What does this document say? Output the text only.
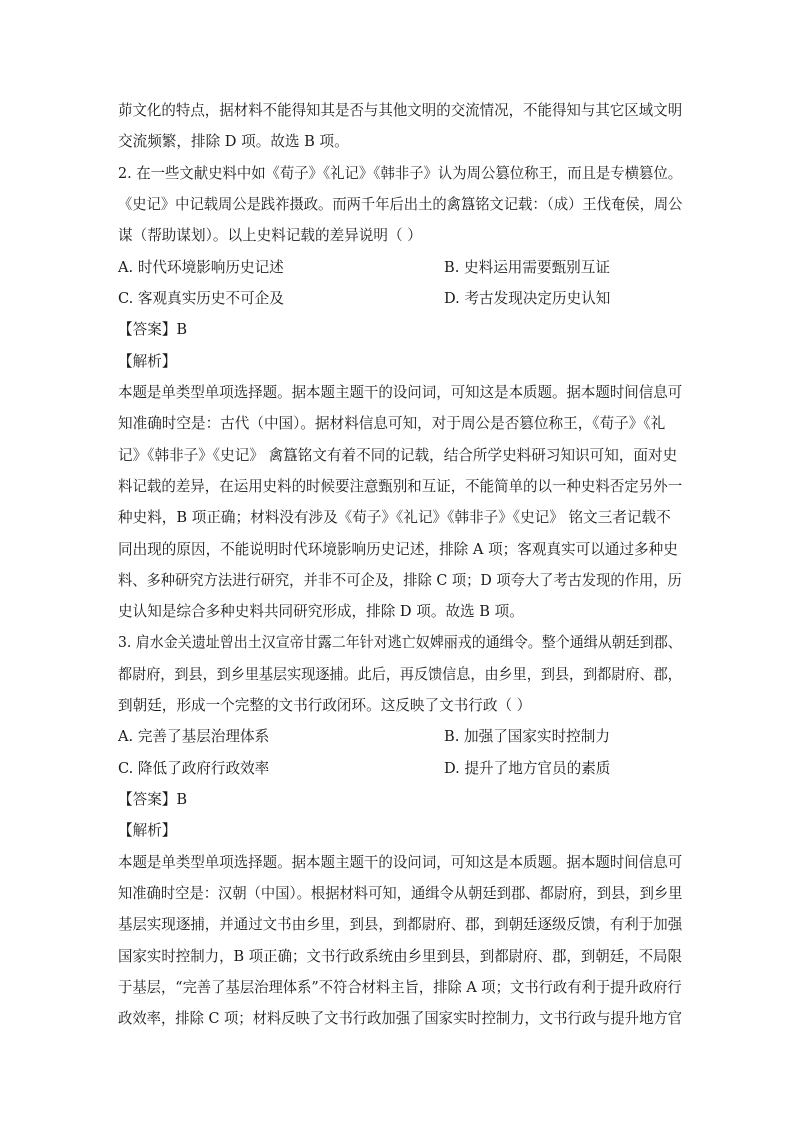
茆文化的特点，据材料不能得知其是否与其他文明的交流情况，不能得知与其它区域文明
交流频繁，排除 D 项。故选 B 项。
2. 在一些文献史料中如《荀子》《礼记》《韩非子》认为周公篡位称王，而且是专横篡位。
《史记》中记载周公是践祚摄政。而两千年后出土的禽簋铭文记载：（成）王伐奄侯，周公
谋（帮助谋划）。以上史料记载的差异说明（ ）
A. 时代环境影响历史记述	B. 史料运用需要甄别互证
C. 客观真实历史不可企及	D. 考古发现决定历史认知
【答案】B
【解析】
本题是单类型单项选择题。据本题主题干的设问词，可知这是本质题。据本题时间信息可
知准确时空是：古代（中国）。据材料信息可知，对于周公是否篡位称王，《荀子》《礼
记》《韩非子》《史记》 禽簋铭文有着不同的记载，结合所学史料研习知识可知，面对史
料记载的差异，在运用史料的时候要注意甄别和互证，不能简单的以一种史料否定另外一
种史料，B 项正确；材料没有涉及《荀子》《礼记》《韩非子》《史记》 铭文三者记载不
同出现的原因，不能说明时代环境影响历史记述，排除 A 项；客观真实可以通过多种史
料、多种研究方法进行研究，并非不可企及，排除 C 项；D 项夸大了考古发现的作用，历
史认知是综合多种史料共同研究形成，排除 D 项。故选 B 项。
3. 肩水金关遗址曾出土汉宣帝甘露二年针对逃亡奴婢丽戎的通缉令。整个通缉从朝廷到郡、
都尉府，到县，到乡里基层实现逐捕。此后，再反馈信息，由乡里，到县，到都尉府、郡，
到朝廷，形成一个完整的文书行政闭环。这反映了文书行政（ ）
A. 完善了基层治理体系	B. 加强了国家实时控制力
C. 降低了政府行政效率	D. 提升了地方官员的素质
【答案】B
【解析】
本题是单类型单项选择题。据本题主题干的设问词，可知这是本质题。据本题时间信息可
知准确时空是：汉朝（中国）。根据材料可知，通缉令从朝廷到郡、都尉府，到县，到乡里
基层实现逐捕，并通过文书由乡里，到县，到都尉府、郡，到朝廷逐级反馈，有利于加强
国家实时控制力，B 项正确；文书行政系统由乡里到县，到都尉府、郡，到朝廷，不局限
于基层，“完善了基层治理体系”不符合材料主旨，排除 A 项；文书行政有利于提升政府行
政效率，排除 C 项；材料反映了文书行政加强了国家实时控制力，文书行政与提升地方官
